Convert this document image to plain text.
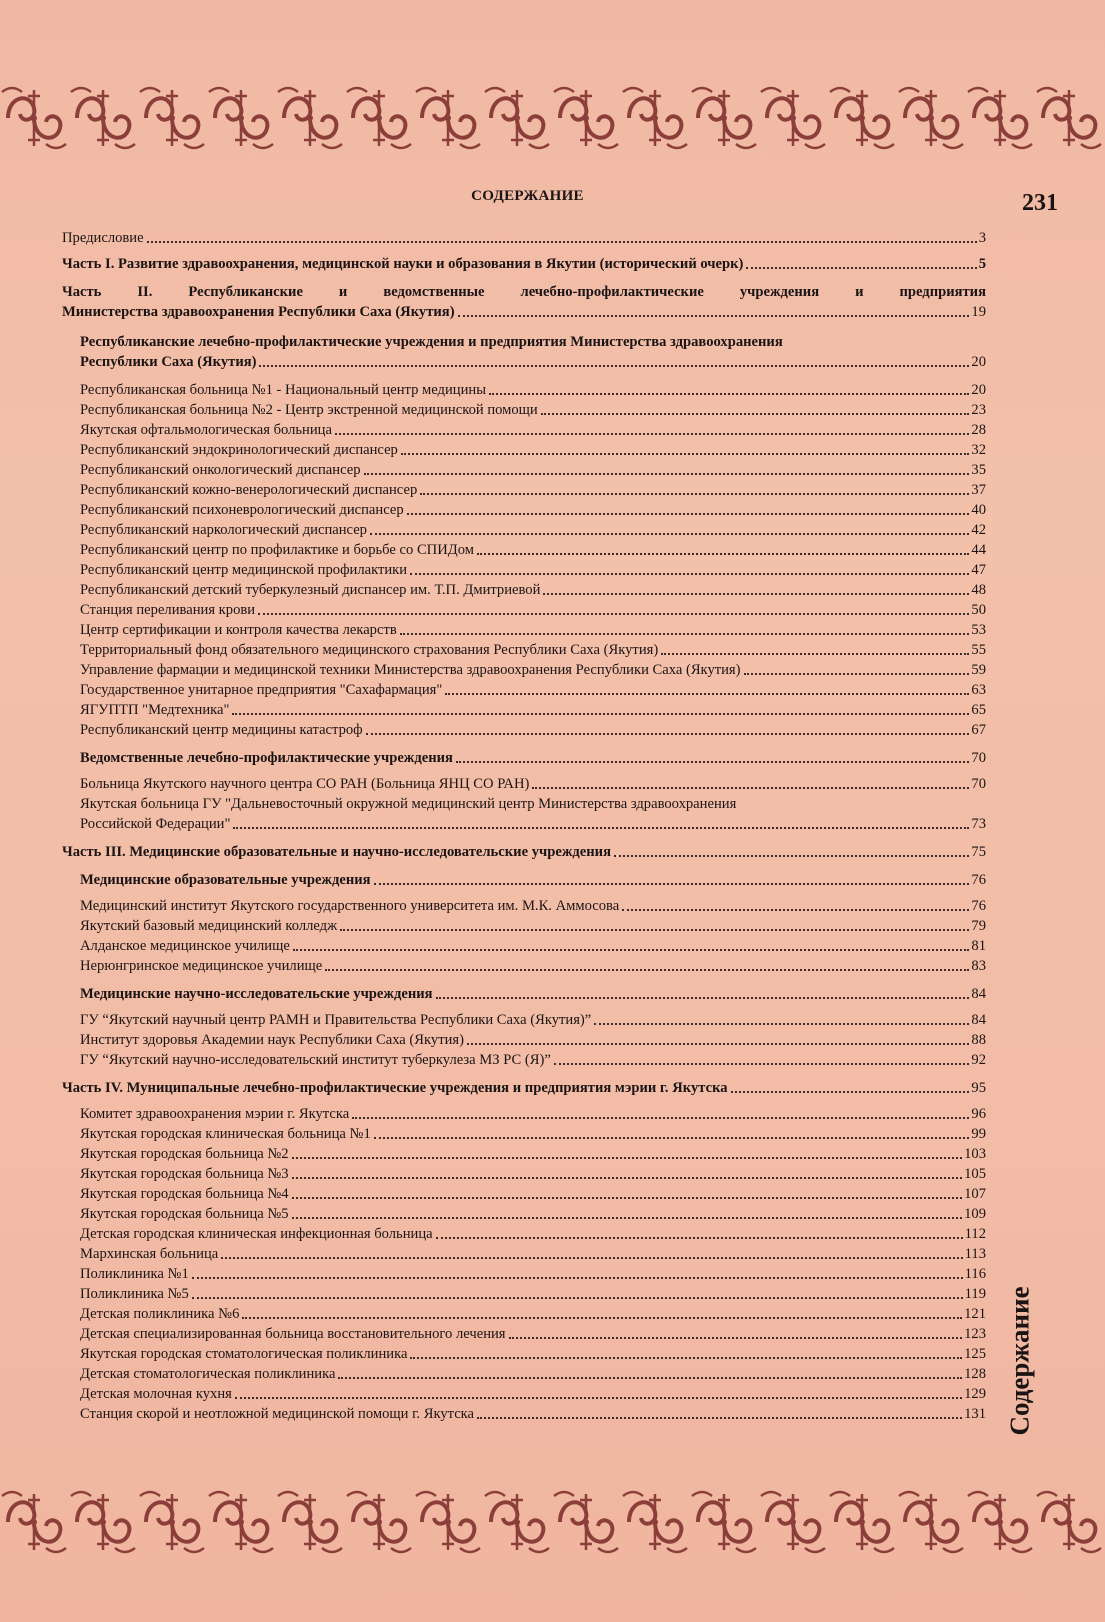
231
СОДЕРЖАНИЕ
Предисловие	3
Часть I. Развитие здравоохранения, медицинской науки и образования в Якутии (исторический очерк)	5
Часть II. Республиканские и ведомственные лечебно-профилактические учреждения и предприятия
Министерства здравоохранения Республики Саха (Якутия)	19
Республиканские лечебно-профилактические учреждения и предприятия Министерства здравоохранения
Республики Саха (Якутия)	20
Республиканская больница №1 - Национальный центр медицины	20
Республиканская больница №2 - Центр экстренной медицинской помощи	23
Якутская офтальмологическая больница	28
Республиканский эндокринологический диспансер	32
Республиканский онкологический диспансер	35
Республиканский кожно-венерологический диспансер	37
Республиканский психоневрологический диспансер	40
Республиканский наркологический диспансер	42
Республиканский центр по профилактике и борьбе со СПИДом	44
Республиканский центр медицинской профилактики	47
Республиканский детский туберкулезный диспансер им. Т.П. Дмитриевой	48
Станция переливания крови	50
Центр сертификации и контроля качества лекарств	53
Территориальный фонд обязательного медицинского страхования Республики Саха (Якутия)	55
Управление фармации и медицинской техники Министерства здравоохранения Республики Саха (Якутия)	59
Государственное унитарное предприятия "Сахафармация"	63
ЯГУПТП "Медтехника"	65
Республиканский центр медицины катастроф	67
Ведомственные лечебно-профилактические учреждения	70
Больница Якутского научного центра СО РАН (Больница ЯНЦ СО РАН)	70
Якутская больница ГУ "Дальневосточный окружной медицинский центр Министерства здравоохранения
Российской Федерации"	73
Часть III. Медицинские образовательные и научно-исследовательские учреждения	75
Медицинские образовательные учреждения	76
Медицинский институт Якутского государственного университета им. М.К. Аммосова	76
Якутский базовый медицинский колледж	79
Алданское медицинское училище	81
Нерюнгринское медицинское училище	83
Медицинские научно-исследовательские учреждения	84
ГУ “Якутский научный центр РАМН и Правительства Республики Саха (Якутия)”	84
Институт здоровья Академии наук Республики Саха (Якутия)	88
ГУ “Якутский научно-исследовательский институт туберкулеза МЗ РС (Я)”	92
Часть IV. Муниципальные лечебно-профилактические учреждения и предприятия мэрии г. Якутска	95
Комитет здравоохранения мэрии г. Якутска	96
Якутская городская клиническая больница №1	99
Якутская городская больница №2	103
Якутская городская больница №3	105
Якутская городская больница №4	107
Якутская городская больница №5	109
Детская городская клиническая инфекционная больница	112
Мархинская больница	113
Поликлиника №1	116
Поликлиника №5	119
Детская поликлиника №6	121
Детская специализированная больница восстановительного лечения	123
Якутская городская стоматологическая поликлиника	125
Детская стоматологическая поликлиника	128
Детская молочная кухня	129
Станция скорой и неотложной медицинской помощи г. Якутска	131 Содержание
